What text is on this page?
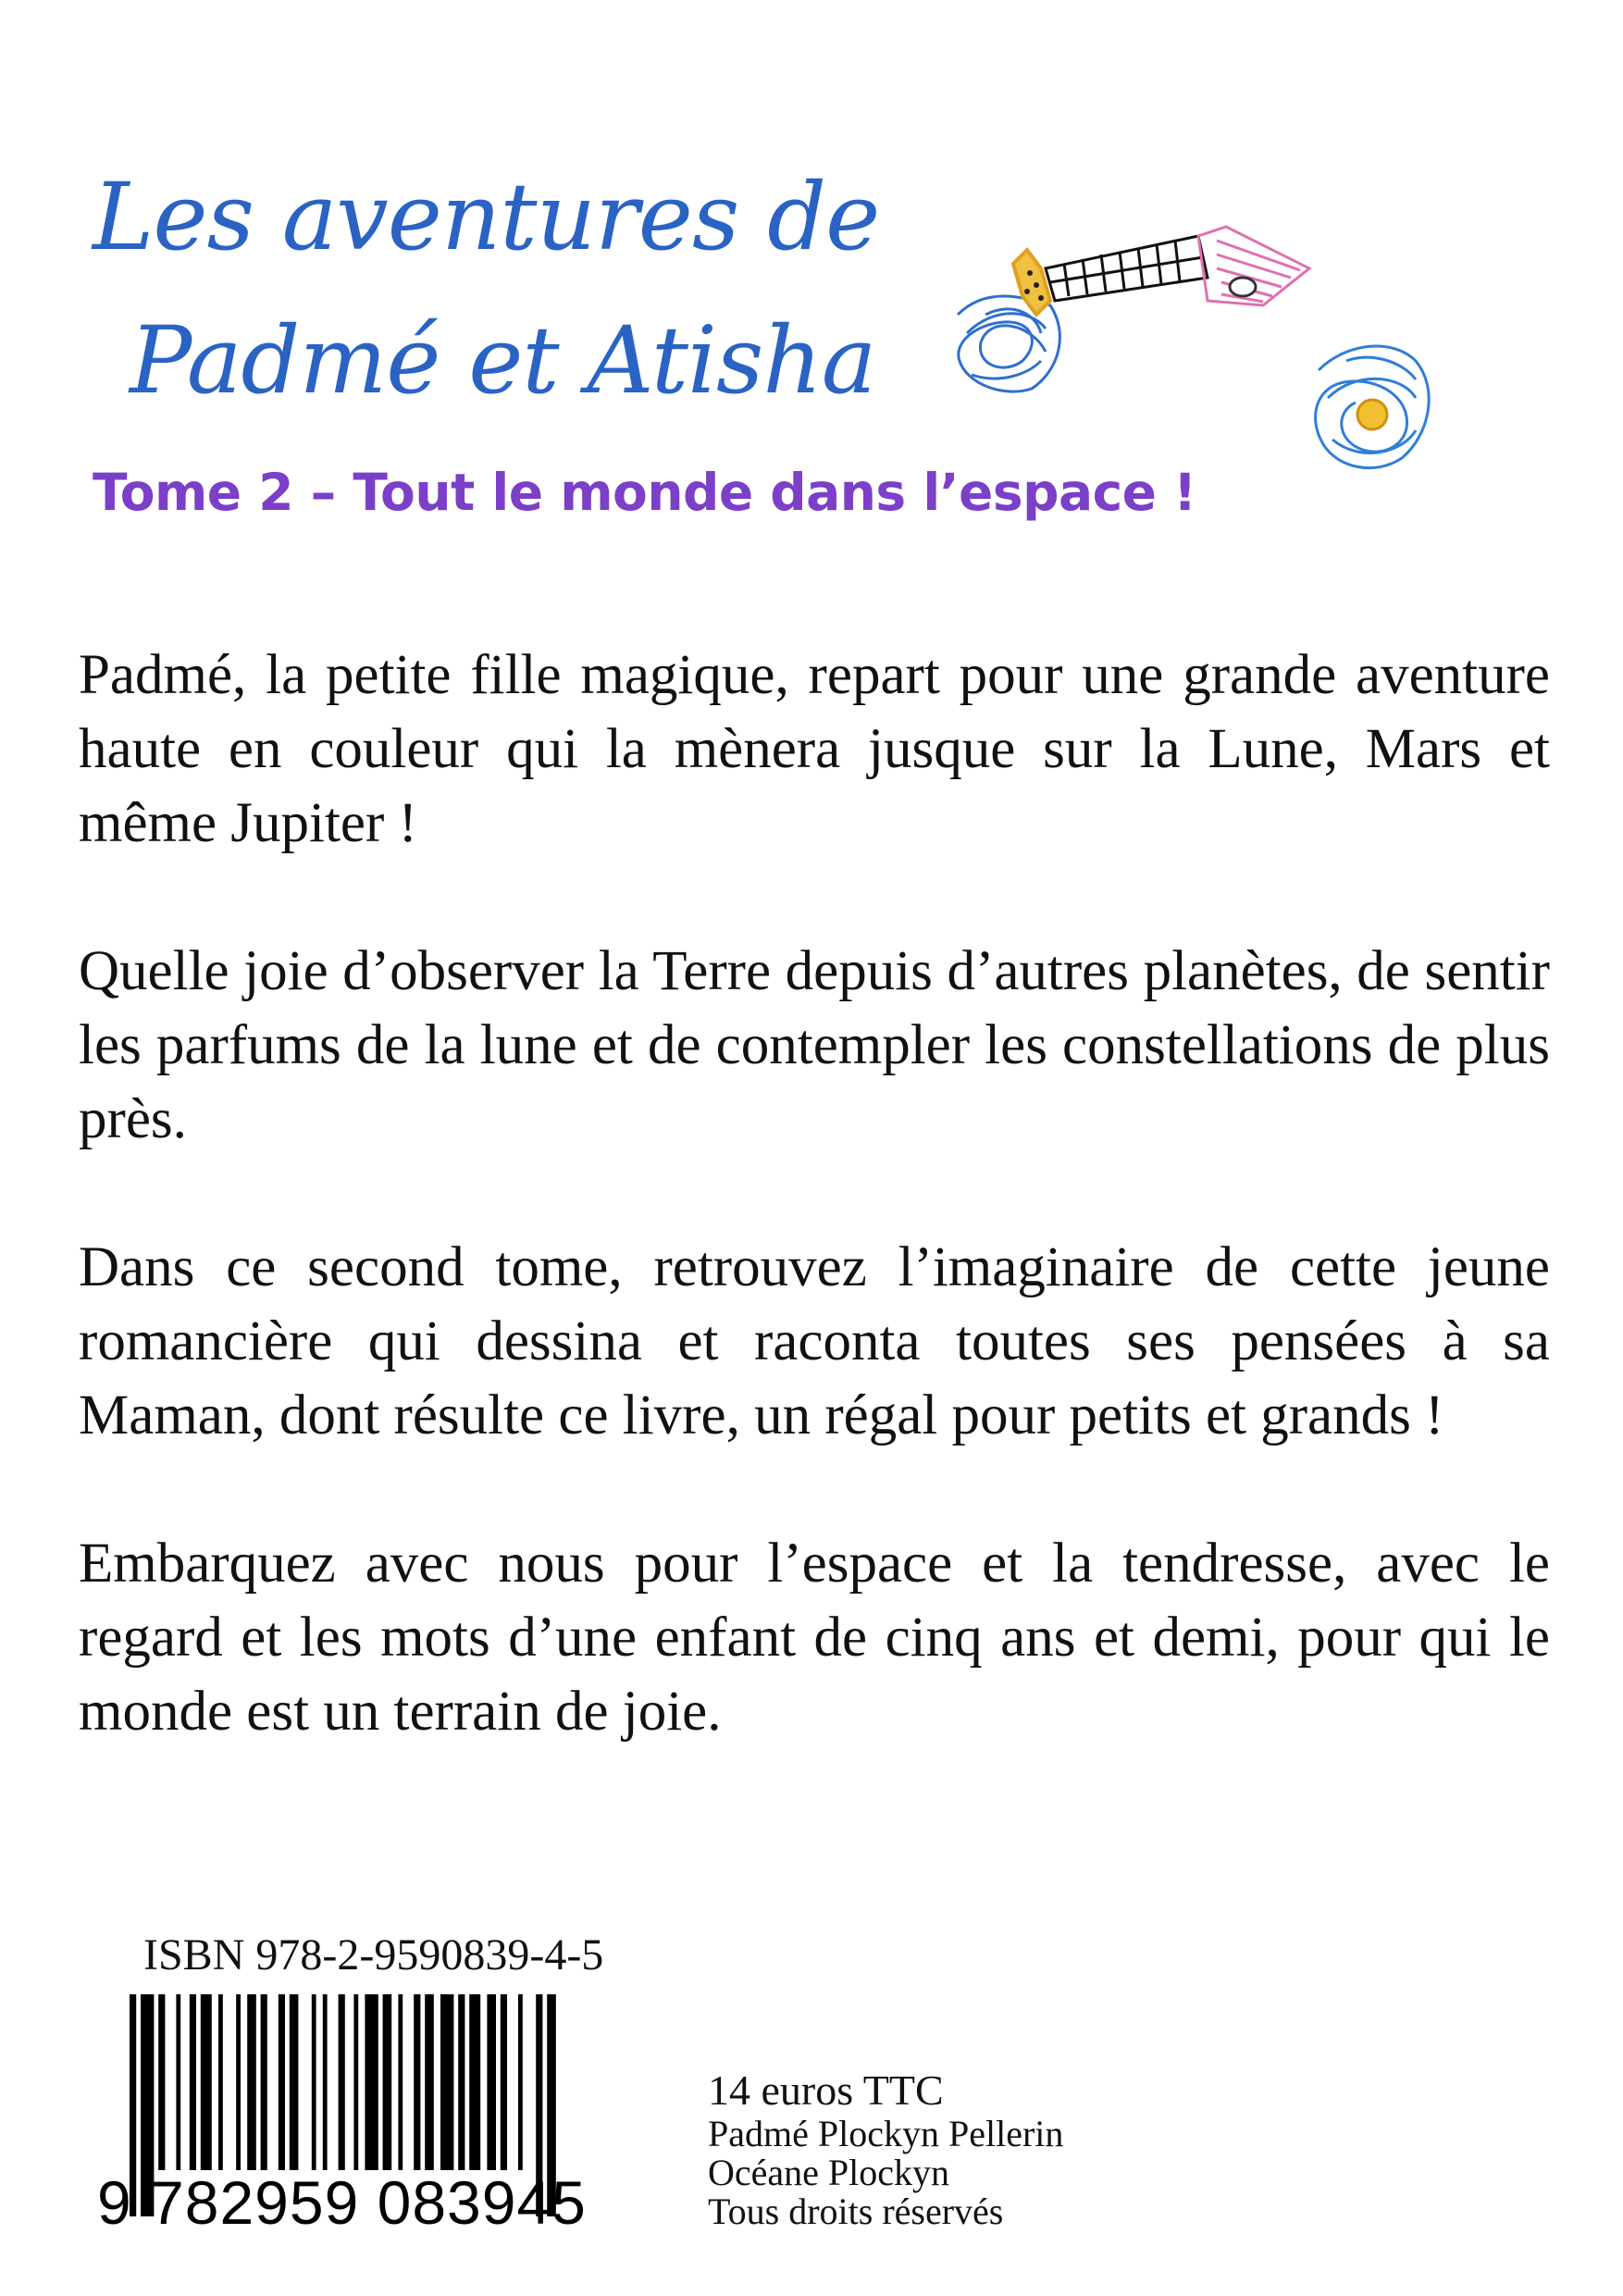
Les aventures de
Padmé et Atisha
Tome 2 – Tout le monde dans l’espace !

Padmé, la petite fille magique, repart pour une grande aventure haute en couleur qui la mènera jusque sur la Lune, Mars et même Jupiter !

Quelle joie d’observer la Terre depuis d’autres planètes, de sentir les parfums de la lune et de contempler les constellations de plus près.

Dans ce second tome, retrouvez l’imaginaire de cette jeune romancière qui dessina et raconta toutes ses pensées à sa Maman, dont résulte ce livre, un régal pour petits et grands !

Embarquez avec nous pour l’espace et la tendresse, avec le regard et les mots d’une enfant de cinq ans et demi, pour qui le monde est un terrain de joie.

ISBN 978-2-9590839-4-5
9 782959 083945
14 euros TTC
Padmé Plockyn Pellerin
Océane Plockyn
Tous droits réservés
